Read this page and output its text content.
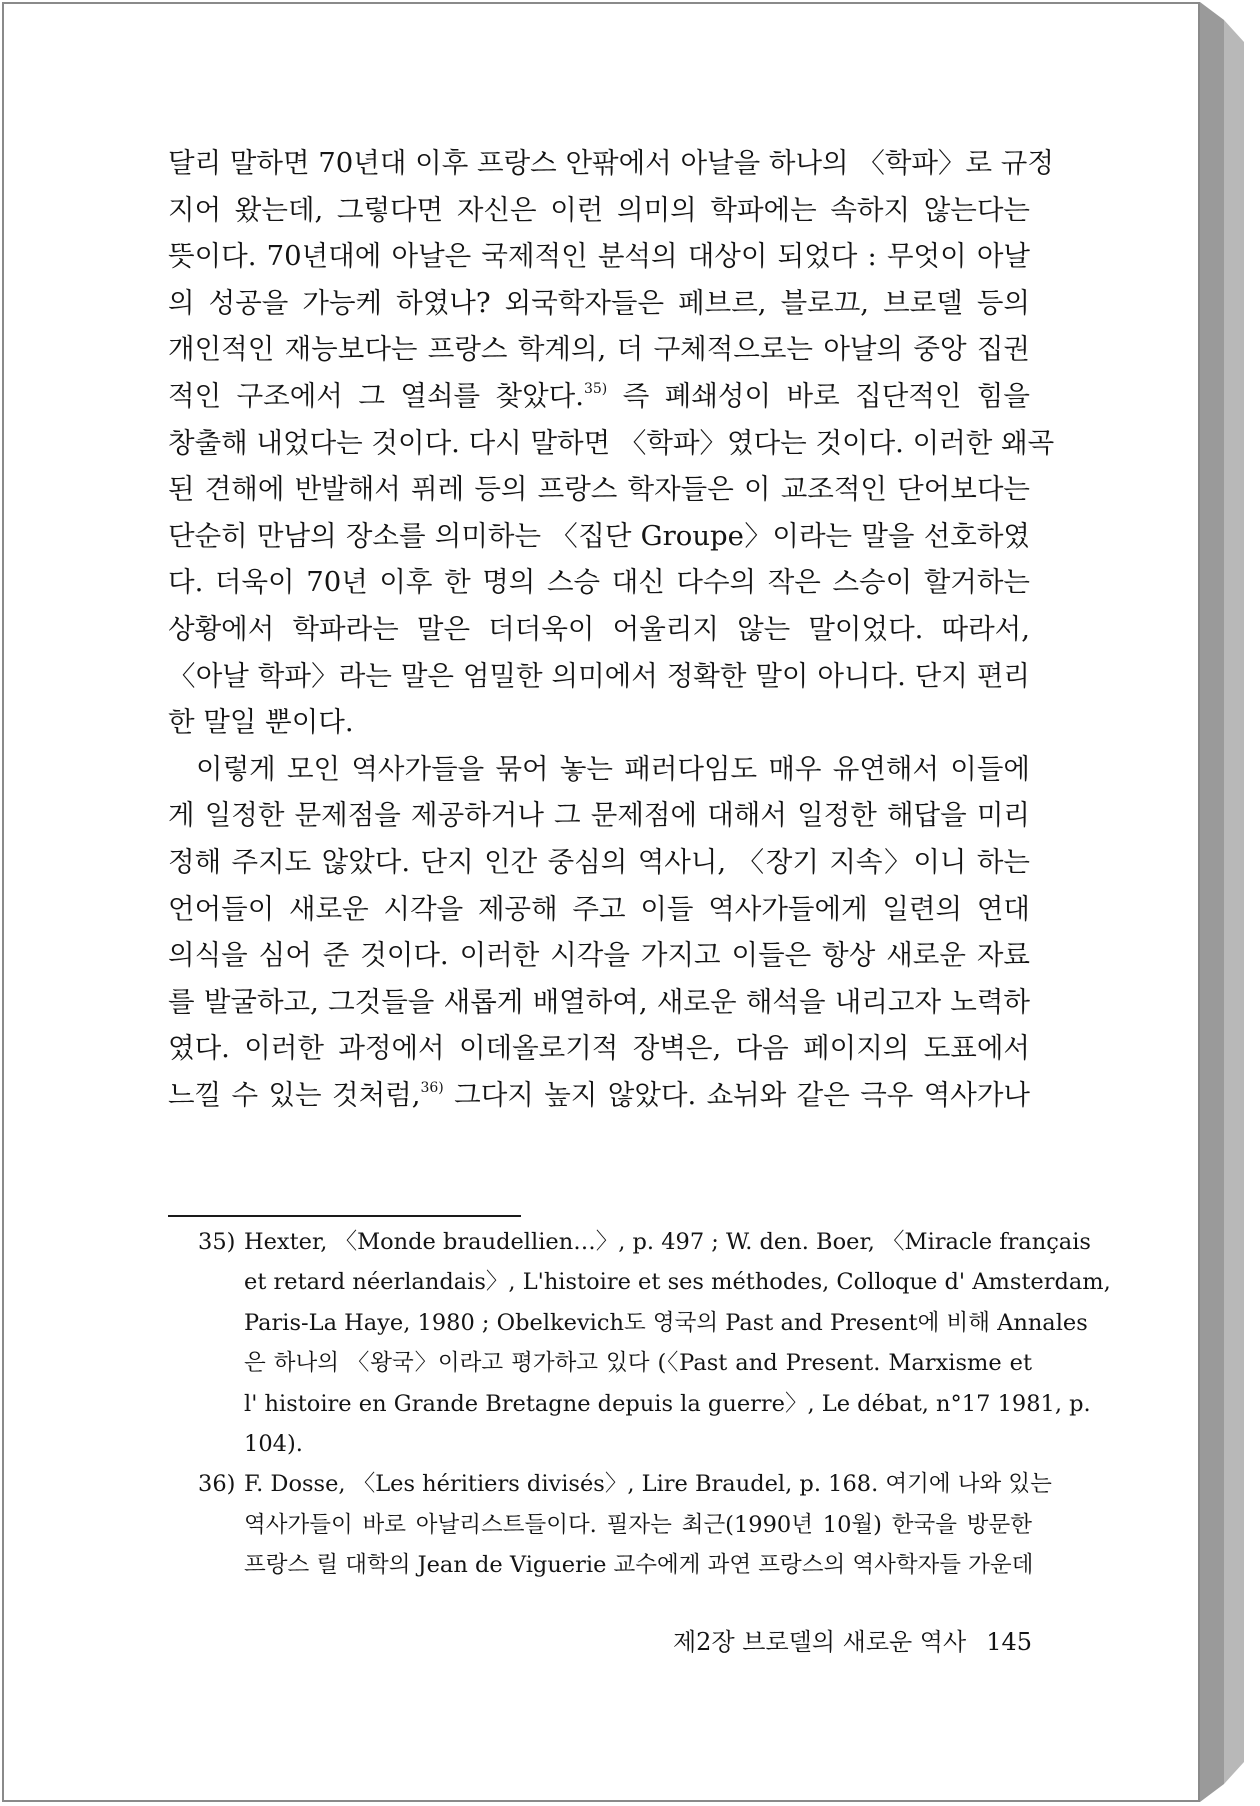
달리 말하면 70년대 이후 프랑스 안팎에서 아날을 하나의 〈학파〉로 규정
지어 왔는데, 그렇다면 자신은 이런 의미의 학파에는 속하지 않는다는
뜻이다. 70년대에 아날은 국제적인 분석의 대상이 되었다 : 무엇이 아날
의 성공을 가능케 하였나? 외국학자들은 페브르, 블로끄, 브로델 등의
개인적인 재능보다는 프랑스 학계의, 더 구체적으로는 아날의 중앙 집권
적인 구조에서 그 열쇠를 찾았다.$^{35)}$ 즉 폐쇄성이 바로 집단적인 힘을
창출해 내었다는 것이다. 다시 말하면 〈학파〉였다는 것이다. 이러한 왜곡
된 견해에 반발해서 퓌레 등의 프랑스 학자들은 이 교조적인 단어보다는
단순히 만남의 장소를 의미하는 〈집단 Groupe〉이라는 말을 선호하였
다. 더욱이 70년 이후 한 명의 스승 대신 다수의 작은 스승이 할거하는
상황에서 학파라는 말은 더더욱이 어울리지 않는 말이었다. 따라서,
〈아날 학파〉라는 말은 엄밀한 의미에서 정확한 말이 아니다. 단지 편리
한 말일 뿐이다.
이렇게 모인 역사가들을 묶어 놓는 패러다임도 매우 유연해서 이들에
게 일정한 문제점을 제공하거나 그 문제점에 대해서 일정한 해답을 미리
정해 주지도 않았다. 단지 인간 중심의 역사니, 〈장기 지속〉이니 하는
언어들이 새로운 시각을 제공해 주고 이들 역사가들에게 일련의 연대
의식을 심어 준 것이다. 이러한 시각을 가지고 이들은 항상 새로운 자료
를 발굴하고, 그것들을 새롭게 배열하여, 새로운 해석을 내리고자 노력하
였다. 이러한 과정에서 이데올로기적 장벽은, 다음 페이지의 도표에서
느낄 수 있는 것처럼,$^{36)}$ 그다지 높지 않았다. 쇼뉘와 같은 극우 역사가나
35) Hexter, 〈Monde braudellien…〉, p. 497 ; W. den. Boer, 〈Miracle français
et retard néerlandais〉, L'histoire et ses méthodes, Colloque d' Amsterdam,
Paris-La Haye, 1980 ; Obelkevich도 영국의 Past and Present에 비해 Annales
은 하나의 〈왕국〉이라고 평가하고 있다 (〈Past and Present. Marxisme et
l' histoire en Grande Bretagne depuis la guerre〉, Le débat, n°17 1981, p.
104).
36) F. Dosse, 〈Les héritiers divisés〉, Lire Braudel, p. 168. 여기에 나와 있는
역사가들이 바로 아날리스트들이다. 필자는 최근(1990년 10월) 한국을 방문한
프랑스 릴 대학의 Jean de Viguerie 교수에게 과연 프랑스의 역사학자들 가운데
제2장 브로델의 새로운 역사 145
